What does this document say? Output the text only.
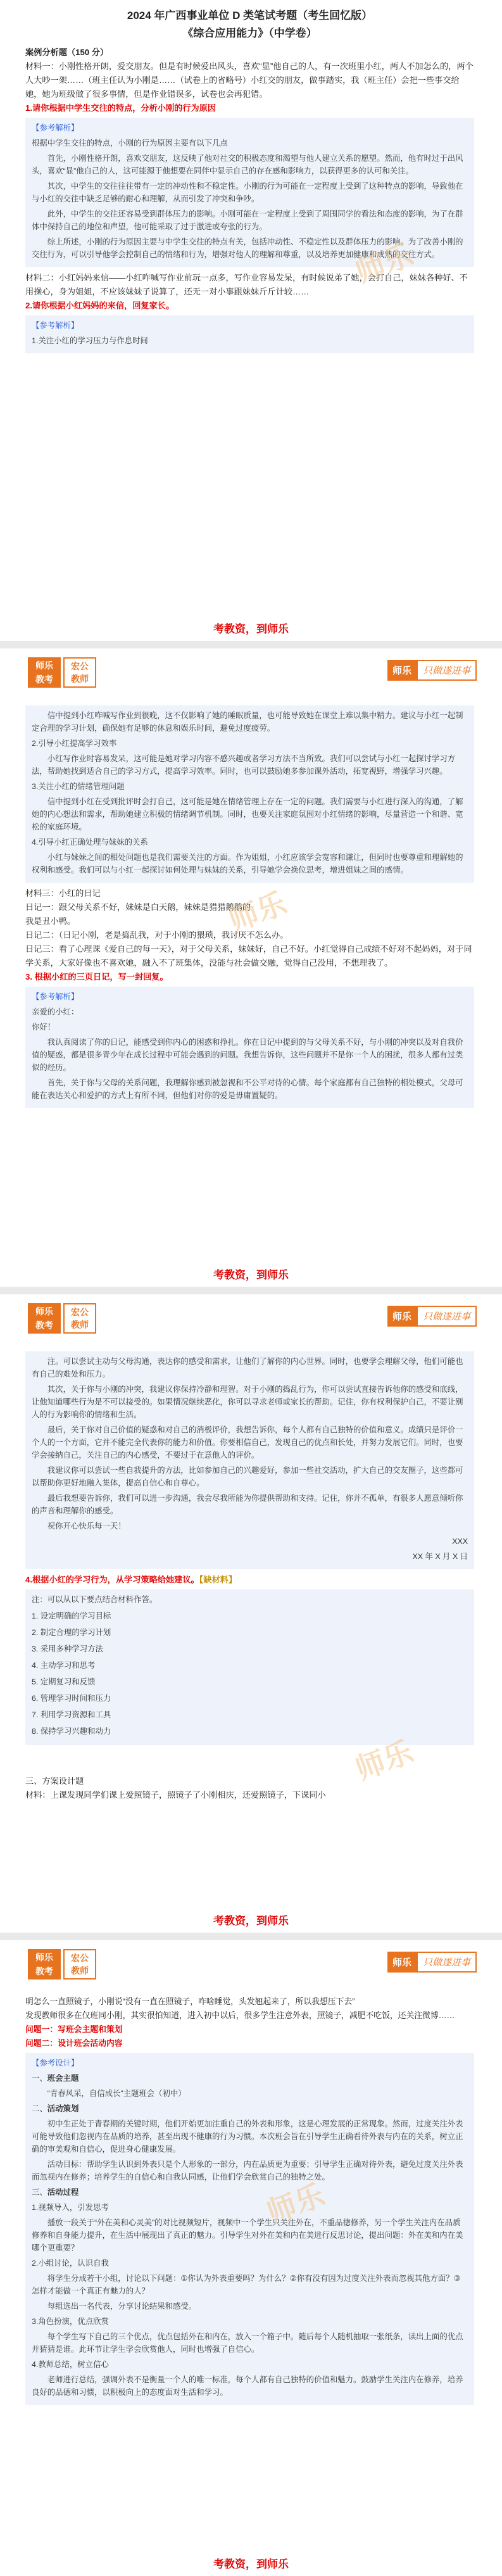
师乐
2024 年广西事业单位 D 类笔试考题（考生回忆版）
《综合应用能力》（中学卷）

案例分析题（150 分）

材料一：小刚性格开朗，爱交朋友。但是有时候爱出风头，喜欢“显”他自己的人，有一次班里小红，两人不加怎么的，两个人大吵一架……（班主任认为小刚是……（试卷上的省略号）小红交的朋友，做事踏实，我（班主任）会把一些事交给她，她为班级做了很多事情，但是作业错误多，试卷也会再犯错。

1.请你根据中学生交往的特点，分析小刚的行为原因

【参考解析】

根据中学生交往的特点，小刚的行为原因主要有以下几点

首先，小刚性格开朗，喜欢交朋友，这反映了他对社交的积极态度和渴望与他人建立关系的愿望。然而，他有时过于出风头，喜欢“显”他自己的人，这可能源于他想要在同伴中显示自己的存在感和影响力，以获得更多的认可和关注。

其次，中学生的交往往往带有一定的冲动性和不稳定性。小刚的行为可能在一定程度上受到了这种特点的影响，导致他在与小红的交往中缺乏足够的耐心和理解，从而引发了冲突和争吵。

此外，中学生的交往还容易受到群体压力的影响。小刚可能在一定程度上受到了周围同学的看法和态度的影响，为了在群体中保持自己的地位和声望，他可能采取了过于激进或夸张的行为。

综上所述，小刚的行为原因主要与中学生交往的特点有关，包括冲动性、不稳定性以及群体压力的影响。为了改善小刚的交往行为，可以引导他学会控制自己的情绪和行为，增强对他人的理解和尊重，以及培养更加健康和成熟的交往方式。

材料二：小红妈妈来信——小红咋喊写作业前玩一点多，写作业容易发呆，有时候说弟了她，会打自己，妹妹各种好、不用操心，身为姐姐，不应该妹妹子说算了，还无一对小事跟妹妹斤斤计较……

2.请你根据小红妈妈的来信，回复家长。

【参考解析】

1.关注小红的学习压力与作息时间

考教资，到师乐
师乐
教考
宏公
教师
师乐	只做遂进事
师乐

信中提到小红咋喊写作业到很晚，这不仅影响了她的睡眠质量，也可能导致她在课堂上难以集中精力。建议与小红一起制定合理的学习计划，确保她有足够的休息和娱乐时间，避免过度疲劳。

2.引导小红提高学习效率

小红写作业时容易发呆，这可能是她对学习内容不感兴趣或者学习方法不当所致。我们可以尝试与小红一起探讨学习方法，帮助她找到适合自己的学习方式，提高学习效率。同时，也可以鼓励她多参加课外活动，拓宽视野，增强学习兴趣。

3.关注小红的情绪管理问题

信中提到小红在受到批评时会打自己，这可能是她在情绪管理上存在一定的问题。我们需要与小红进行深入的沟通，了解她的内心想法和需求，帮助她建立积极的情绪调节机制。同时，也要关注家庭氛围对小红情绪的影响，尽量营造一个和谐、宽松的家庭环境。

4.引导小红正确处理与妹妹的关系

小红与妹妹之间的相处问题也是我们需要关注的方面。作为姐姐，小红应该学会宽容和谦让，但同时也要尊重和理解她的权利和感受。我们可以与小红一起探讨如何处理与妹妹的关系，引导她学会换位思考，增进姐妹之间的感情。

材料三：小红的日记

日记一：跟父母关系不好，妹妹是白天鹅，妹妹是猎猎鹅鹅的

我是丑小鸭。

日记二：（日记小刚，老是捣乱我，对于小刚的猥琐，我讨厌不怎么办。

日记三：看了心理课《爱自己的每一天》，对于父母关系，妹妹好，自己不好。小红觉得自己成绩不好对不起妈妈，对于同学关系，大家好像也不喜欢她，融入不了班集体，没能与社会做交融，觉得自己没用，不想理我了。

3. 根据小红的三页日记，写一封回复。

【参考解析】

亲爱的小红：

你好！

我认真阅读了你的日记，能感受到你内心的困惑和挣扎。你在日记中提到的与父母关系不好，与小刚的冲突以及对自我价值的疑惑，都是很多青少年在成长过程中可能会遇到的问题。我想告诉你，这些问题并不是你一个人的困扰，很多人都有过类似的经历。

首先，关于你与父母的关系问题，我理解你感到被忽视和不公平对待的心情。每个家庭都有自己独特的相处模式，父母可能在表达关心和爱护的方式上有所不同，但他们对你的爱是毋庸置疑的。

考教资，到师乐
师乐
教考
宏公
教师
师乐	只做遂进事
师乐

注。可以尝试主动与父母沟通，表达你的感受和需求，让他们了解你的内心世界。同时，也要学会理解父母，他们可能也有自己的难处和压力。

其次，关于你与小刚的冲突，我建议你保持冷静和理智。对于小刚的捣乱行为，你可以尝试直接告诉他你的感受和底线，让他知道哪些行为是不可以接受的。如果情况继续恶化，你可以寻求老师或家长的帮助。记住，你有权利保护自己，不要让别人的行为影响你的情绪和生活。

最后，关于你对自己价值的疑惑和对自己的消极评价，我想告诉你，每个人都有自己独特的价值和意义。成绩只是评价一个人的一个方面，它并不能完全代表你的能力和价值。你要相信自己，发现自己的优点和长处，并努力发展它们。同时，也要学会接纳自己，关注自己的内心感受，不要过于在意他人的评价。

我建议你可以尝试一些自我提升的方法，比如参加自己的兴趣爱好，参加一些社交活动，扩大自己的交友圈子，这些都可以帮助你更好地融入集体，提高自信心和自尊心。

最后我想要告诉你，我们可以进一步沟通，我会尽我所能为你提供帮助和支持。记住，你并不孤单，有很多人愿意倾听你的声音和理解你的感受。

祝你开心快乐每一天！

XXX

XX 年 X 月 X 日

4.根据小红的学习行为，从学习策略给她建议。【缺材料】

注：可以从以下要点结合材料作答。

1. 设定明确的学习目标

2. 制定合理的学习计划

3. 采用多种学习方法

4. 主动学习和思考

5. 定期复习和反馈

6. 管理学习时间和压力

7. 利用学习资源和工具

8. 保持学习兴趣和动力

三、方案设计题

材料：上课发现同学们课上爱照镜子，照镜子了小刚相庆，还爱照镜子，下课同小

考教资，到师乐
师乐
教考
宏公
教师
师乐	只做遂进事
师乐

明怎么一直照镜子，小刚说“没有一直在照镜子，咋啥睡觉，头发翘起来了，所以我想压下去”

发现教师很多在仅班同小刚，其实很怕知道，进入初中以后，很多学生注意外表，照镜子，减肥不吃饭，还关注微博……

问题一：写班会主题和策划

问题二：设计班会活动内容

【参考设计】

一、班会主题

“青春风采，自信成长”主题班会（初中）

二、活动策划

初中生正处于青春期的关键时期，他们开始更加注重自己的外表和形象，这是心理发展的正常现象。然而，过度关注外表可能导致他们忽视内在品质的培养，甚至出现不健康的行为习惯。本次班会旨在引导学生正确看待外表与内在的关系，树立正确的审美观和自信心，促进身心健康发展。

活动目标：帮助学生认识到外表只是个人形象的一部分，内在品质更为重要；引导学生正确对待外表，避免过度关注外表而忽视内在修养；培养学生的自信心和自我认同感，让他们学会欣赏自己的独特之处。

三、活动过程

1.视频导入，引发思考

播放一段关于“外在美和心灵美”的对比视频短片，视频中一个学生只关注外在，不重品德修养，另一个学生关注内在品质修养和自身能力提升，在生活中展现出了真正的魅力。引导学生对外在美和内在美进行反思讨论，提出问题：外在美和内在美哪个更重要？

2.小组讨论，认识自我

将学生分成若干小组，讨论以下问题：①你认为外表重要吗？为什么？②你有没有因为过度关注外表而忽视其他方面？③怎样才能做一个真正有魅力的人？

每组选出一名代表，分享讨论结果和感受。

3.角色扮演，优点欣赏

每个学生写下自己的三个优点，优点包括外在和内在，放入一个箱子中。随后每个人随机抽取一张纸条，读出上面的优点并猜猜是谁。此环节让学生学会欣赏他人，同时也增强了自信心。

4.教师总结，树立信心

老师进行总结，强调外表不是衡量一个人的唯一标准，每个人都有自己独特的价值和魅力。鼓励学生关注内在修养，培养良好的品德和习惯，以积极向上的态度面对生活和学习。

考教资，到师乐
